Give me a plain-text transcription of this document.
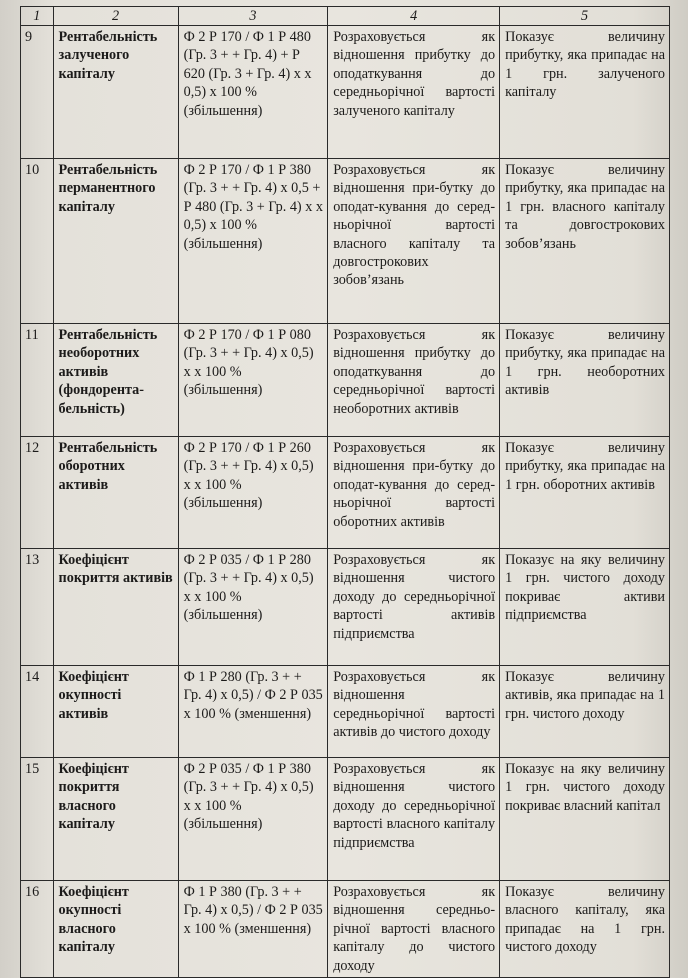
1	2	3	4	5
9	Рентабельність залученого капіталу	Ф 2 Р 170 / Ф 1 Р 480 (Гр. 3 + + Гр. 4) + Р 620 (Гр. 3 + Гр. 4) х х 0,5) х 100 % (збільшення)	Розраховується як відношення прибутку до оподаткування до середньорічної вартості залученого капіталу	Показує величину прибутку, яка припадає на 1 грн. залученого капіталу
10	Рентабельність перманентного капіталу	Ф 2 Р 170 / Ф 1 Р 380 (Гр. 3 + + Гр. 4) х 0,5 + Р 480 (Гр. 3 + Гр. 4) х х 0,5) х 100 % (збільшення)	Розраховується як відношення при-бутку до оподат-кування до серед-ньорічної вартості власного капіталу та довгострокових зобов’язань	Показує величину прибутку, яка припадає на 1 грн. власного капіталу та довгострокових зобов’язань
11	Рентабельність необоротних активів (фондорента-бельність)	Ф 2 Р 170 / Ф 1 Р 080 (Гр. 3 + + Гр. 4) х 0,5) х х 100 % (збільшення)	Розраховується як відношення прибутку до оподаткування до середньорічної вартості необоротних активів	Показує величину прибутку, яка припадає на 1 грн. необоротних активів
12	Рентабельність оборотних активів	Ф 2 Р 170 / Ф 1 Р 260 (Гр. 3 + + Гр. 4) х 0,5) х х 100 % (збільшення)	Розраховується як відношення при-бутку до оподат-кування до серед-ньорічної вартості оборотних активів	Показує величину прибутку, яка припадає на 1 грн. оборотних активів
13	Коефіцієнт покриття активів	Ф 2 Р 035 / Ф 1 Р 280 (Гр. 3 + + Гр. 4) х 0,5) х х 100 % (збільшення)	Розраховується як відношення чистого доходу до середньорічної вартості активів підприємства	Показує на яку величину 1 грн. чистого доходу покриває активи підприємства
14	Коефіцієнт окупності активів	Ф 1 Р 280 (Гр. 3 + + Гр. 4) х 0,5) / Ф 2 Р 035 х 100 % (зменшення)	Розраховується як відношення середньорічної вартості активів до чистого доходу	Показує величину активів, яка припадає на 1 грн. чистого доходу
15	Коефіцієнт покриття власного капіталу	Ф 2 Р 035 / Ф 1 Р 380 (Гр. 3 + + Гр. 4) х 0,5) х х 100 % (збільшення)	Розраховується як відношення чистого доходу до середньорічної вартості власного капіталу підприємства	Показує на яку величину 1 грн. чистого доходу покриває власний капітал
16	Коефіцієнт окупності власного капіталу	Ф 1 Р 380 (Гр. 3 + + Гр. 4) х 0,5) / Ф 2 Р 035 х 100 % (зменшення)	Розраховується як відношення середньо-річної вартості власного капіталу до чистого доходу	Показує величину власного капіталу, яка припадає на 1 грн. чистого доходу
